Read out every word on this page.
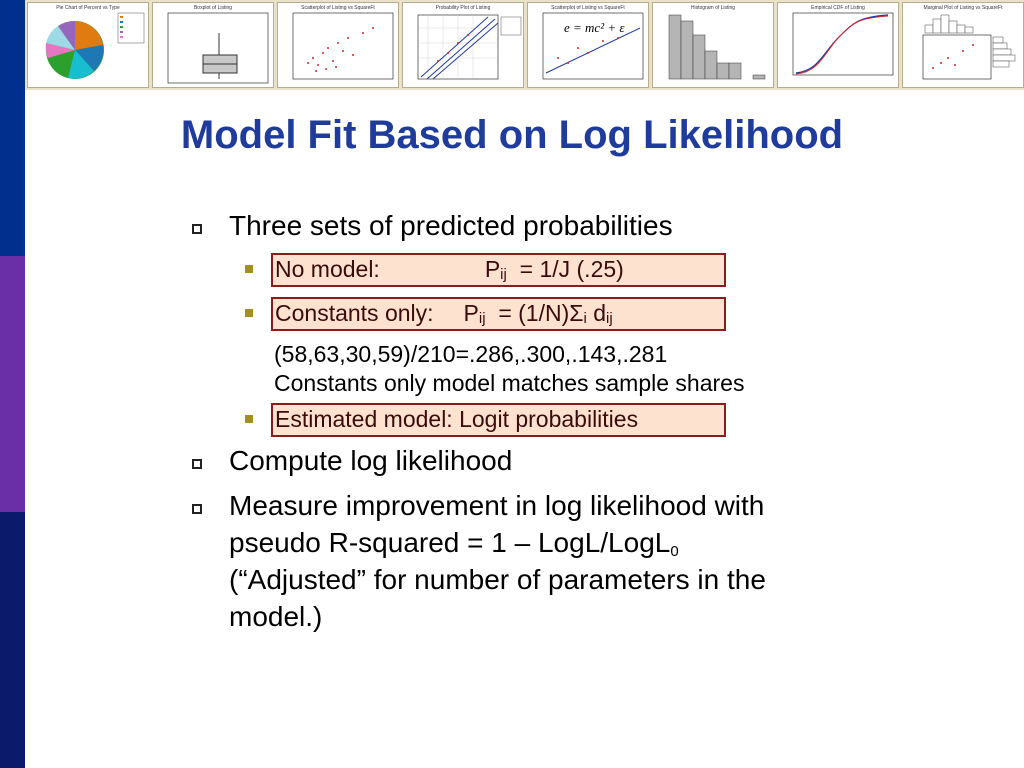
Pie Chart of Percent vs Type	Boxplot of Listing	Scatterplot of Listing vs SquareFt	Probability Plot of Listing	Scatterplot of Listing vs SquareFt
e = mc² + ε
Histogram of Listing	Empirical CDF of Listing	Marginal Plot of Listing vs SquareFt
Model Fit Based on Log Likelihood
Three sets of predicted probabilities
No model:	Pij = 1/J (.25)
Constants only: Pij = (1/N)Σi dij
(58,63,30,59)/210=.286,.300,.143,.281
Constants only model matches sample shares
Estimated model: Logit probabilities
Compute log likelihood
Measure improvement in log likelihood with
pseudo R-squared = 1 – LogL/LogL$_0$
(“Adjusted” for number of parameters in the
model.)
